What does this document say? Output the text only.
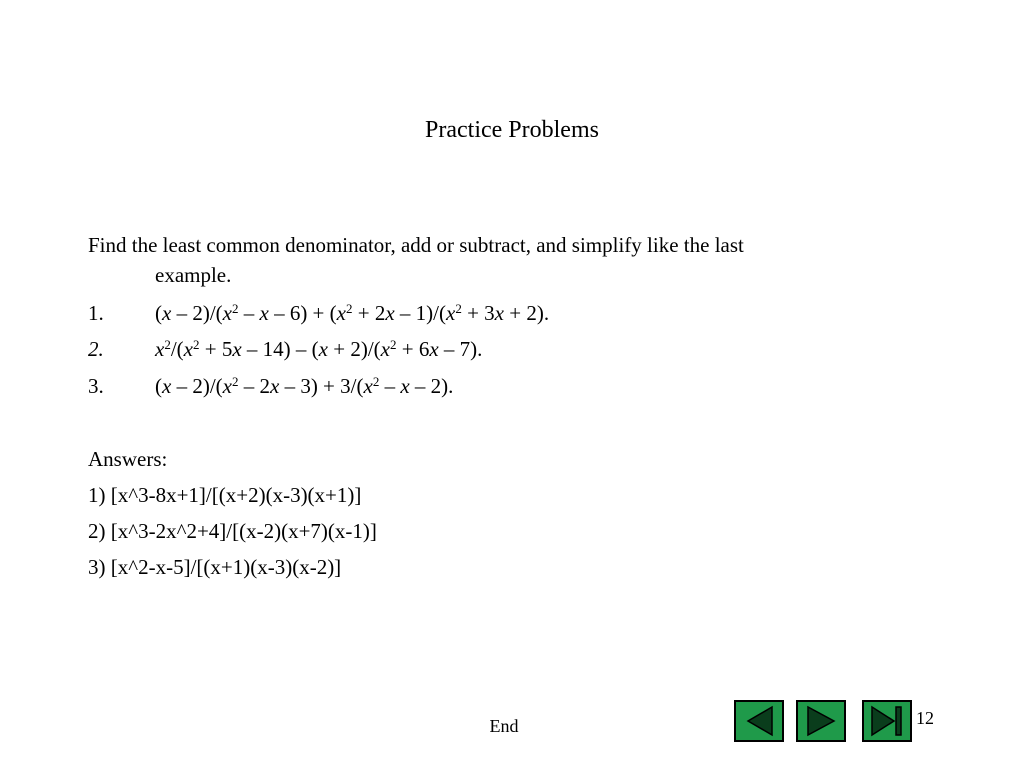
Practice Problems
Find the least common denominator, add or subtract, and simplify like the last
example.
1. $(x - 2)/(x^2 - x - 6) + (x^2 + 2x - 1)/(x^2 + 3x + 2)$.
2. $x^2/(x^2 + 5x - 14) - (x + 2)/(x^2 + 6x - 7)$.
3. $(x - 2)/(x^2 - 2x - 3) + 3/(x^2 - x - 2)$.
Answers:
1) [x^3-8x+1]/[(x+2)(x-3)(x+1)]
2) [x^3-2x^2+4]/[(x-2)(x+7)(x-1)]
3) [x^2-x-5]/[(x+1)(x-3)(x-2)]
End	12
